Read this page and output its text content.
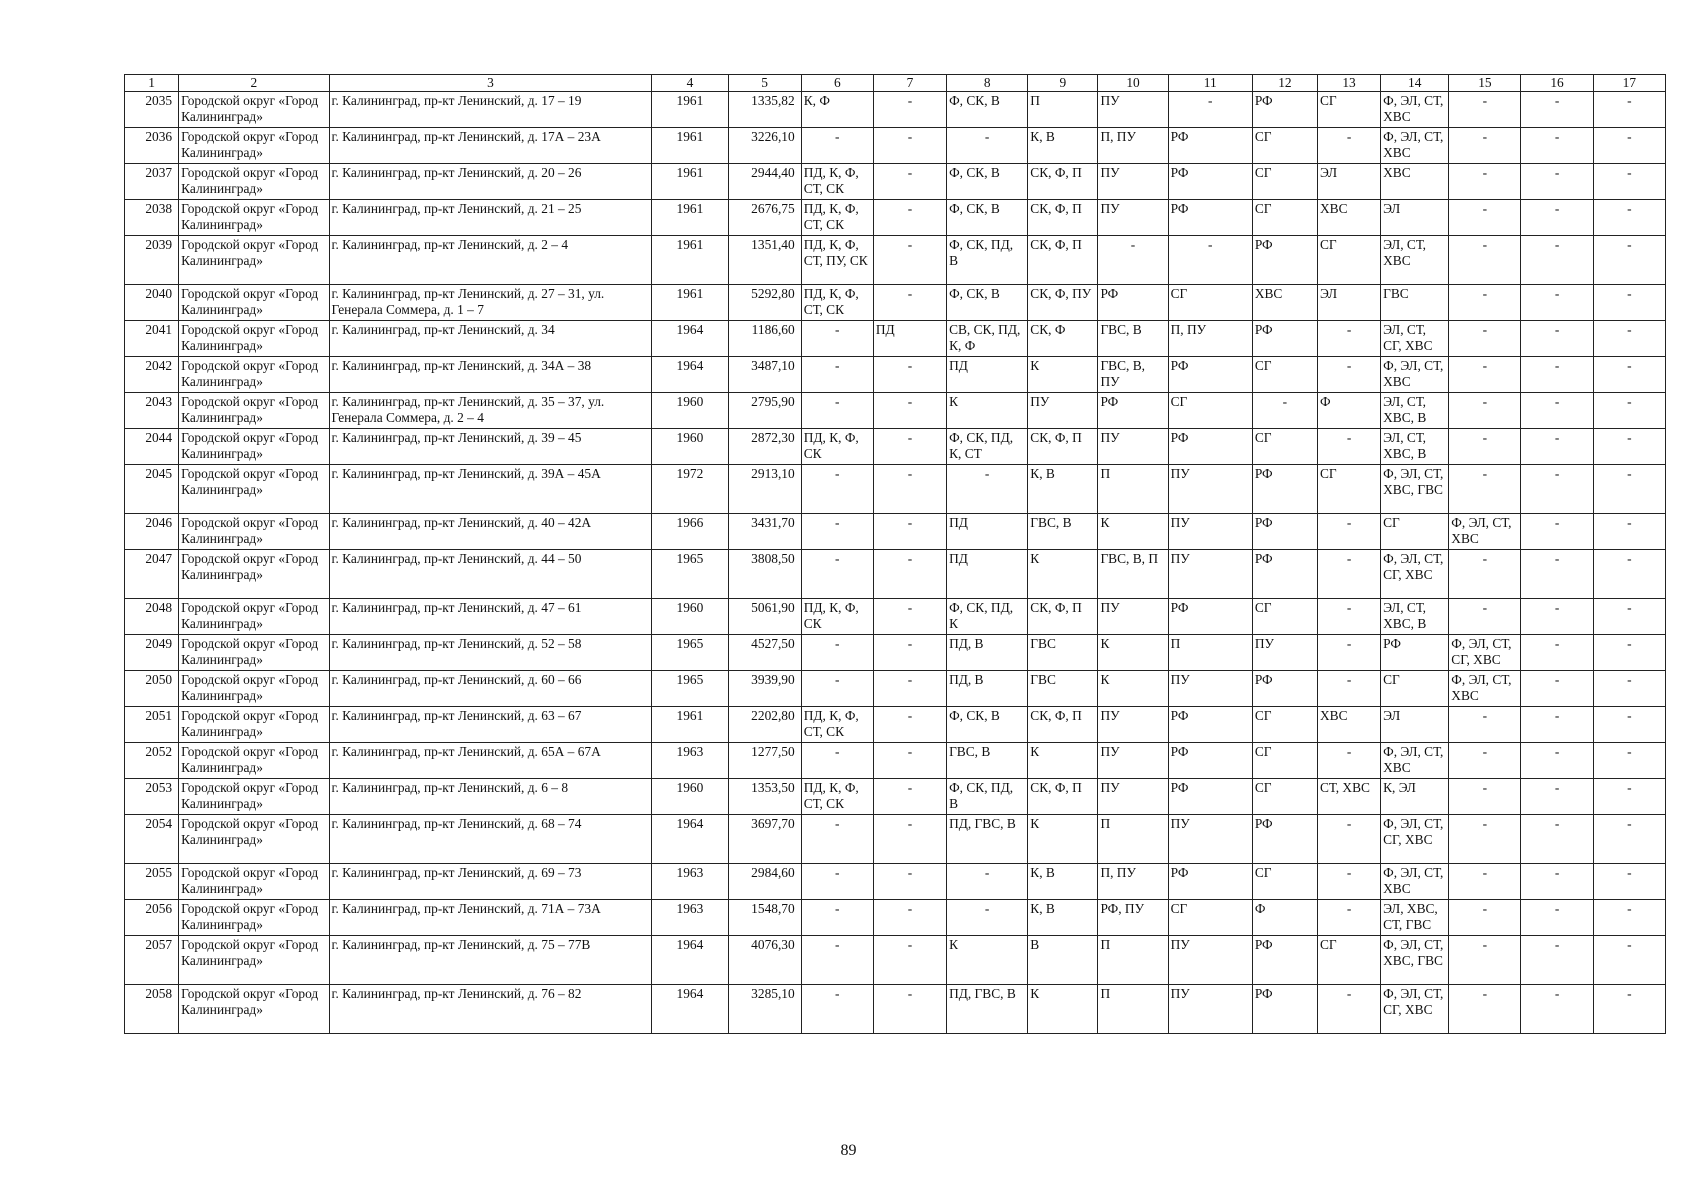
1	2	3	4	5	6	7	8	9	10	11	12	13	14	15	16	17
2035	Городской округ «Город Калининград»	г. Калининград, пр-кт Ленинский, д. 17 – 19	1961	1335,82	К, Ф	-	Ф, СК, В	П	ПУ	-	РФ	СГ	Ф, ЭЛ, СТ, ХВС	-	-	-
2036	Городской округ «Город Калининград»	г. Калининград, пр-кт Ленинский, д. 17А – 23А	1961	3226,10	-	-	-	К, В	П, ПУ	РФ	СГ	-	Ф, ЭЛ, СТ, ХВС	-	-	-
2037	Городской округ «Город Калининград»	г. Калининград, пр-кт Ленинский, д. 20 – 26	1961	2944,40	ПД, К, Ф, СТ, СК	-	Ф, СК, В	СК, Ф, П	ПУ	РФ	СГ	ЭЛ	ХВС	-	-	-
2038	Городской округ «Город Калининград»	г. Калининград, пр-кт Ленинский, д. 21 – 25	1961	2676,75	ПД, К, Ф, СТ, СК	-	Ф, СК, В	СК, Ф, П	ПУ	РФ	СГ	ХВС	ЭЛ	-	-	-
2039	Городской округ «Город Калининград»	г. Калининград, пр-кт Ленинский, д. 2 – 4	1961	1351,40	ПД, К, Ф, СТ, ПУ, СК	-	Ф, СК, ПД, В	СК, Ф, П	-	-	РФ	СГ	ЭЛ, СТ, ХВС	-	-	-
2040	Городской округ «Город Калининград»	г. Калининград, пр-кт Ленинский, д. 27 – 31, ул. Генерала Соммера, д. 1 – 7	1961	5292,80	ПД, К, Ф, СТ, СК	-	Ф, СК, В	СК, Ф, ПУ	РФ	СГ	ХВС	ЭЛ	ГВС	-	-	-
2041	Городской округ «Город Калининград»	г. Калининград, пр-кт Ленинский, д. 34	1964	1186,60	-	ПД	СВ, СК, ПД, К, Ф	СК, Ф	ГВС, В	П, ПУ	РФ	-	ЭЛ, СТ, СГ, ХВС	-	-	-
2042	Городской округ «Город Калининград»	г. Калининград, пр-кт Ленинский, д. 34А – 38	1964	3487,10	-	-	ПД	К	ГВС, В, ПУ	РФ	СГ	-	Ф, ЭЛ, СТ, ХВС	-	-	-
2043	Городской округ «Город Калининград»	г. Калининград, пр-кт Ленинский, д. 35 – 37, ул. Генерала Соммера, д. 2 – 4	1960	2795,90	-	-	К	ПУ	РФ	СГ	-	Ф	ЭЛ, СТ, ХВС, В	-	-	-
2044	Городской округ «Город Калининград»	г. Калининград, пр-кт Ленинский, д. 39 – 45	1960	2872,30	ПД, К, Ф, СК	-	Ф, СК, ПД, К, СТ	СК, Ф, П	ПУ	РФ	СГ	-	ЭЛ, СТ, ХВС, В	-	-	-
2045	Городской округ «Город Калининград»	г. Калининград, пр-кт Ленинский, д. 39А – 45А	1972	2913,10	-	-	-	К, В	П	ПУ	РФ	СГ	Ф, ЭЛ, СТ, ХВС, ГВС	-	-	-
2046	Городской округ «Город Калининград»	г. Калининград, пр-кт Ленинский, д. 40 – 42А	1966	3431,70	-	-	ПД	ГВС, В	К	ПУ	РФ	-	СГ	Ф, ЭЛ, СТ, ХВС	-	-
2047	Городской округ «Город Калининград»	г. Калининград, пр-кт Ленинский, д. 44 – 50	1965	3808,50	-	-	ПД	К	ГВС, В, П	ПУ	РФ	-	Ф, ЭЛ, СТ, СГ, ХВС	-	-	-
2048	Городской округ «Город Калининград»	г. Калининград, пр-кт Ленинский, д. 47 – 61	1960	5061,90	ПД, К, Ф, СК	-	Ф, СК, ПД, К	СК, Ф, П	ПУ	РФ	СГ	-	ЭЛ, СТ, ХВС, В	-	-	-
2049	Городской округ «Город Калининград»	г. Калининград, пр-кт Ленинский, д. 52 – 58	1965	4527,50	-	-	ПД, В	ГВС	К	П	ПУ	-	РФ	Ф, ЭЛ, СТ, СГ, ХВС	-	-
2050	Городской округ «Город Калининград»	г. Калининград, пр-кт Ленинский, д. 60 – 66	1965	3939,90	-	-	ПД, В	ГВС	К	ПУ	РФ	-	СГ	Ф, ЭЛ, СТ, ХВС	-	-
2051	Городской округ «Город Калининград»	г. Калининград, пр-кт Ленинский, д. 63 – 67	1961	2202,80	ПД, К, Ф, СТ, СК	-	Ф, СК, В	СК, Ф, П	ПУ	РФ	СГ	ХВС	ЭЛ	-	-	-
2052	Городской округ «Город Калининград»	г. Калининград, пр-кт Ленинский, д. 65А – 67А	1963	1277,50	-	-	ГВС, В	К	ПУ	РФ	СГ	-	Ф, ЭЛ, СТ, ХВС	-	-	-
2053	Городской округ «Город Калининград»	г. Калининград, пр-кт Ленинский, д. 6 – 8	1960	1353,50	ПД, К, Ф, СТ, СК	-	Ф, СК, ПД, В	СК, Ф, П	ПУ	РФ	СГ	СТ, ХВС	К, ЭЛ	-	-	-
2054	Городской округ «Город Калининград»	г. Калининград, пр-кт Ленинский, д. 68 – 74	1964	3697,70	-	-	ПД, ГВС, В	К	П	ПУ	РФ	-	Ф, ЭЛ, СТ, СГ, ХВС	-	-	-
2055	Городской округ «Город Калининград»	г. Калининград, пр-кт Ленинский, д. 69 – 73	1963	2984,60	-	-	-	К, В	П, ПУ	РФ	СГ	-	Ф, ЭЛ, СТ, ХВС	-	-	-
2056	Городской округ «Город Калининград»	г. Калининград, пр-кт Ленинский, д. 71А – 73А	1963	1548,70	-	-	-	К, В	РФ, ПУ	СГ	Ф	-	ЭЛ, ХВС, СТ, ГВС	-	-	-
2057	Городской округ «Город Калининград»	г. Калининград, пр-кт Ленинский, д. 75 – 77В	1964	4076,30	-	-	К	В	П	ПУ	РФ	СГ	Ф, ЭЛ, СТ, ХВС, ГВС	-	-	-
2058	Городской округ «Город Калининград»	г. Калининград, пр-кт Ленинский, д. 76 – 82	1964	3285,10	-	-	ПД, ГВС, В	К	П	ПУ	РФ	-	Ф, ЭЛ, СТ, СГ, ХВС	-	-	-
89
